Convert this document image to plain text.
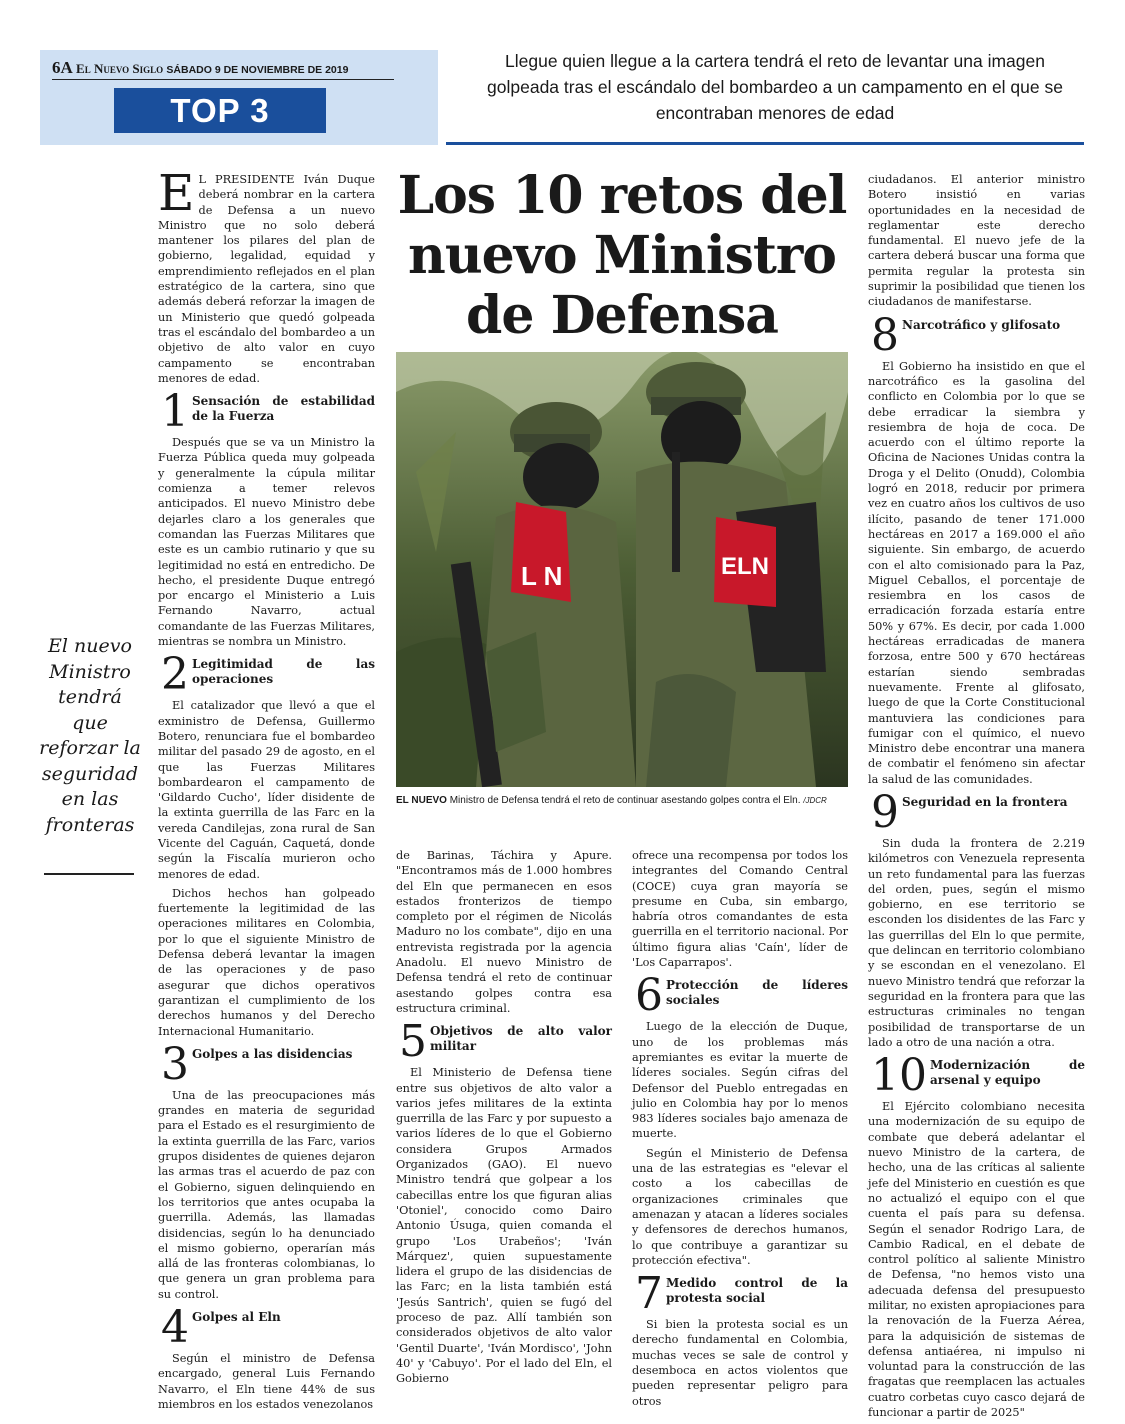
6A El Nuevo Siglo SÁBADO 9 DE NOVIEMBRE DE 2019
TOP 3
Llegue quien llegue a la cartera tendrá el reto de levantar una imagen golpeada tras el escándalo del bombardeo a un campamento en el que se encontraban menores de edad
Los 10 retos del nuevo Ministro de Defensa
El nuevo Ministro tendrá que reforzar la seguridad en las fronteras
L N	ELN
EL NUEVO Ministro de Defensa tendrá el reto de continuar asestando golpes contra el Eln. /JDCR

E L PRESIDENTE Iván Duque deberá nombrar en la cartera de Defensa a un nuevo Ministro que no solo deberá mantener los pilares del plan de gobierno, legalidad, equidad y emprendimiento reflejados en el plan estratégico de la cartera, sino que además deberá reforzar la imagen de un Ministerio que quedó golpeada tras el escándalo del bombardeo a un objetivo de alto valor en cuyo campamento se encontraban menores de edad.

1 Sensación de estabilidad de la Fuerza

Después que se va un Ministro la Fuerza Pública queda muy golpeada y generalmente la cúpula militar comienza a temer relevos anticipados. El nuevo Ministro debe dejarles claro a los generales que comandan las Fuerzas Militares que este es un cambio rutinario y que su legitimidad no está en entredicho. De hecho, el presidente Duque entregó por encargo el Ministerio a Luis Fernando Navarro, actual comandante de las Fuerzas Militares, mientras se nombra un Ministro.

2 Legitimidad de las operaciones

El catalizador que llevó a que el exministro de Defensa, Guillermo Botero, renunciara fue el bombardeo militar del pasado 29 de agosto, en el que las Fuerzas Militares bombardearon el campamento de 'Gildardo Cucho', líder disidente de la extinta guerrilla de las Farc en la vereda Candilejas, zona rural de San Vicente del Caguán, Caquetá, donde según la Fiscalía murieron ocho menores de edad.

Dichos hechos han golpeado fuertemente la legitimidad de las operaciones militares en Colombia, por lo que el siguiente Ministro de Defensa deberá levantar la imagen de las operaciones y de paso asegurar que dichos operativos garantizan el cumplimiento de los derechos humanos y del Derecho Internacional Humanitario.

3 Golpes a las disidencias

Una de las preocupaciones más grandes en materia de seguridad para el Estado es el resurgimiento de la extinta guerrilla de las Farc, varios grupos disidentes de quienes dejaron las armas tras el acuerdo de paz con el Gobierno, siguen delinquiendo en los territorios que antes ocupaba la guerrilla. Además, las llamadas disidencias, según lo ha denunciado el mismo gobierno, operarían más allá de las fronteras colombianas, lo que genera un gran problema para su control.

4 Golpes al Eln

Según el ministro de Defensa encargado, general Luis Fernando Navarro, el Eln tiene 44% de sus miembros en los estados venezolanos

de Barinas, Táchira y Apure. "Encontramos más de 1.000 hombres del Eln que permanecen en esos estados fronterizos de tiempo completo por el régimen de Nicolás Maduro no los combate", dijo en una entrevista registrada por la agencia Anadolu. El nuevo Ministro de Defensa tendrá el reto de continuar asestando golpes contra esa estructura criminal.

5 Objetivos de alto valor militar

El Ministerio de Defensa tiene entre sus objetivos de alto valor a varios jefes militares de la extinta guerrilla de las Farc y por supuesto a varios líderes de lo que el Gobierno considera Grupos Armados Organizados (GAO). El nuevo Ministro tendrá que golpear a los cabecillas entre los que figuran alias 'Otoniel', conocido como Dairo Antonio Úsuga, quien comanda el grupo 'Los Urabeños'; 'Iván Márquez', quien supuestamente lidera el grupo de las disidencias de las Farc; en la lista también está 'Jesús Santrich', quien se fugó del proceso de paz. Allí también son considerados objetivos de alto valor 'Gentil Duarte', 'Iván Mordisco', 'John 40' y 'Cabuyo'. Por el lado del Eln, el Gobierno

ofrece una recompensa por todos los integrantes del Comando Central (COCE) cuya gran mayoría se presume en Cuba, sin embargo, habría otros comandantes de esta guerrilla en el territorio nacional. Por último figura alias 'Caín', líder de 'Los Caparrapos'.

6 Protección de líderes sociales

Luego de la elección de Duque, uno de los problemas más apremiantes es evitar la muerte de líderes sociales. Según cifras del Defensor del Pueblo entregadas en julio en Colombia hay por lo menos 983 líderes sociales bajo amenaza de muerte.

Según el Ministerio de Defensa una de las estrategias es "elevar el costo a los cabecillas de organizaciones criminales que amenazan y atacan a líderes sociales y defensores de derechos humanos, lo que contribuye a garantizar su protección efectiva".

7 Medido control de la protesta social

Si bien la protesta social es un derecho fundamental en Colombia, muchas veces se sale de control y desemboca en actos violentos que pueden representar peligro para otros

ciudadanos. El anterior ministro Botero insistió en varias oportunidades en la necesidad de reglamentar este derecho fundamental. El nuevo jefe de la cartera deberá buscar una forma que permita regular la protesta sin suprimir la posibilidad que tienen los ciudadanos de manifestarse.

8 Narcotráfico y glifosato

El Gobierno ha insistido en que el narcotráfico es la gasolina del conflicto en Colombia por lo que se debe erradicar la siembra y resiembra de hoja de coca. De acuerdo con el último reporte la Oficina de Naciones Unidas contra la Droga y el Delito (Onudd), Colombia logró en 2018, reducir por primera vez en cuatro años los cultivos de uso ilícito, pasando de tener 171.000 hectáreas en 2017 a 169.000 el año siguiente. Sin embargo, de acuerdo con el alto comisionado para la Paz, Miguel Ceballos, el porcentaje de resiembra en los casos de erradicación forzada estaría entre 50% y 67%. Es decir, por cada 1.000 hectáreas erradicadas de manera forzosa, entre 500 y 670 hectáreas estarían siendo sembradas nuevamente. Frente al glifosato, luego de que la Corte Constitucional mantuviera las condiciones para fumigar con el químico, el nuevo Ministro debe encontrar una manera de combatir el fenómeno sin afectar la salud de las comunidades.

9 Seguridad en la frontera

Sin duda la frontera de 2.219 kilómetros con Venezuela representa un reto fundamental para las fuerzas del orden, pues, según el mismo gobierno, en ese territorio se esconden los disidentes de las Farc y las guerrillas del Eln lo que permite, que delincan en territorio colombiano y se escondan en el venezolano. El nuevo Ministro tendrá que reforzar la seguridad en la frontera para que las estructuras criminales no tengan posibilidad de transportarse de un lado a otro de una nación a otra.

10 Modernización de arsenal y equipo

El Ejército colombiano necesita una modernización de su equipo de combate que deberá adelantar el nuevo Ministro de la cartera, de hecho, una de las críticas al saliente jefe del Ministerio en cuestión es que no actualizó el equipo con el que cuenta el país para su defensa. Según el senador Rodrigo Lara, de Cambio Radical, en el debate de control político al saliente Ministro de Defensa, "no hemos visto una adecuada defensa del presupuesto militar, no existen apropiaciones para la renovación de la Fuerza Aérea, para la adquisición de sistemas de defensa antiaérea, ni impulso ni voluntad para la construcción de las fragatas que reemplacen las actuales cuatro corbetas cuyo casco dejará de funcionar a partir de 2025"
